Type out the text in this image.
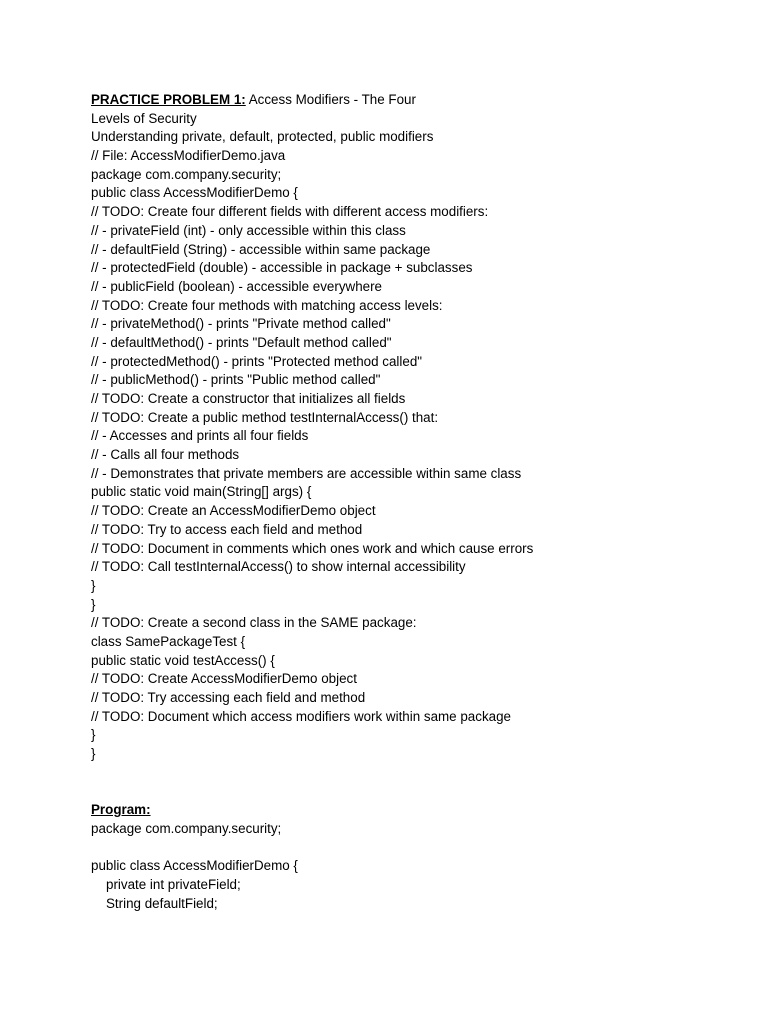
PRACTICE PROBLEM 1: Access Modifiers - The Four
Levels of Security
Understanding private, default, protected, public modifiers
// File: AccessModifierDemo.java
package com.company.security;
public class AccessModifierDemo {
// TODO: Create four different fields with different access modifiers:
// - privateField (int) - only accessible within this class
// - defaultField (String) - accessible within same package
// - protectedField (double) - accessible in package + subclasses
// - publicField (boolean) - accessible everywhere
// TODO: Create four methods with matching access levels:
// - privateMethod() - prints "Private method called"
// - defaultMethod() - prints "Default method called"
// - protectedMethod() - prints "Protected method called"
// - publicMethod() - prints "Public method called"
// TODO: Create a constructor that initializes all fields
// TODO: Create a public method testInternalAccess() that:
// - Accesses and prints all four fields
// - Calls all four methods
// - Demonstrates that private members are accessible within same class
public static void main(String[] args) {
// TODO: Create an AccessModifierDemo object
// TODO: Try to access each field and method
// TODO: Document in comments which ones work and which cause errors
// TODO: Call testInternalAccess() to show internal accessibility
}
}
// TODO: Create a second class in the SAME package:
class SamePackageTest {
public static void testAccess() {
// TODO: Create AccessModifierDemo object
// TODO: Try accessing each field and method
// TODO: Document which access modifiers work within same package
}
}
Program:
package com.company.security;
public class AccessModifierDemo {
private int privateField;
String defaultField;
